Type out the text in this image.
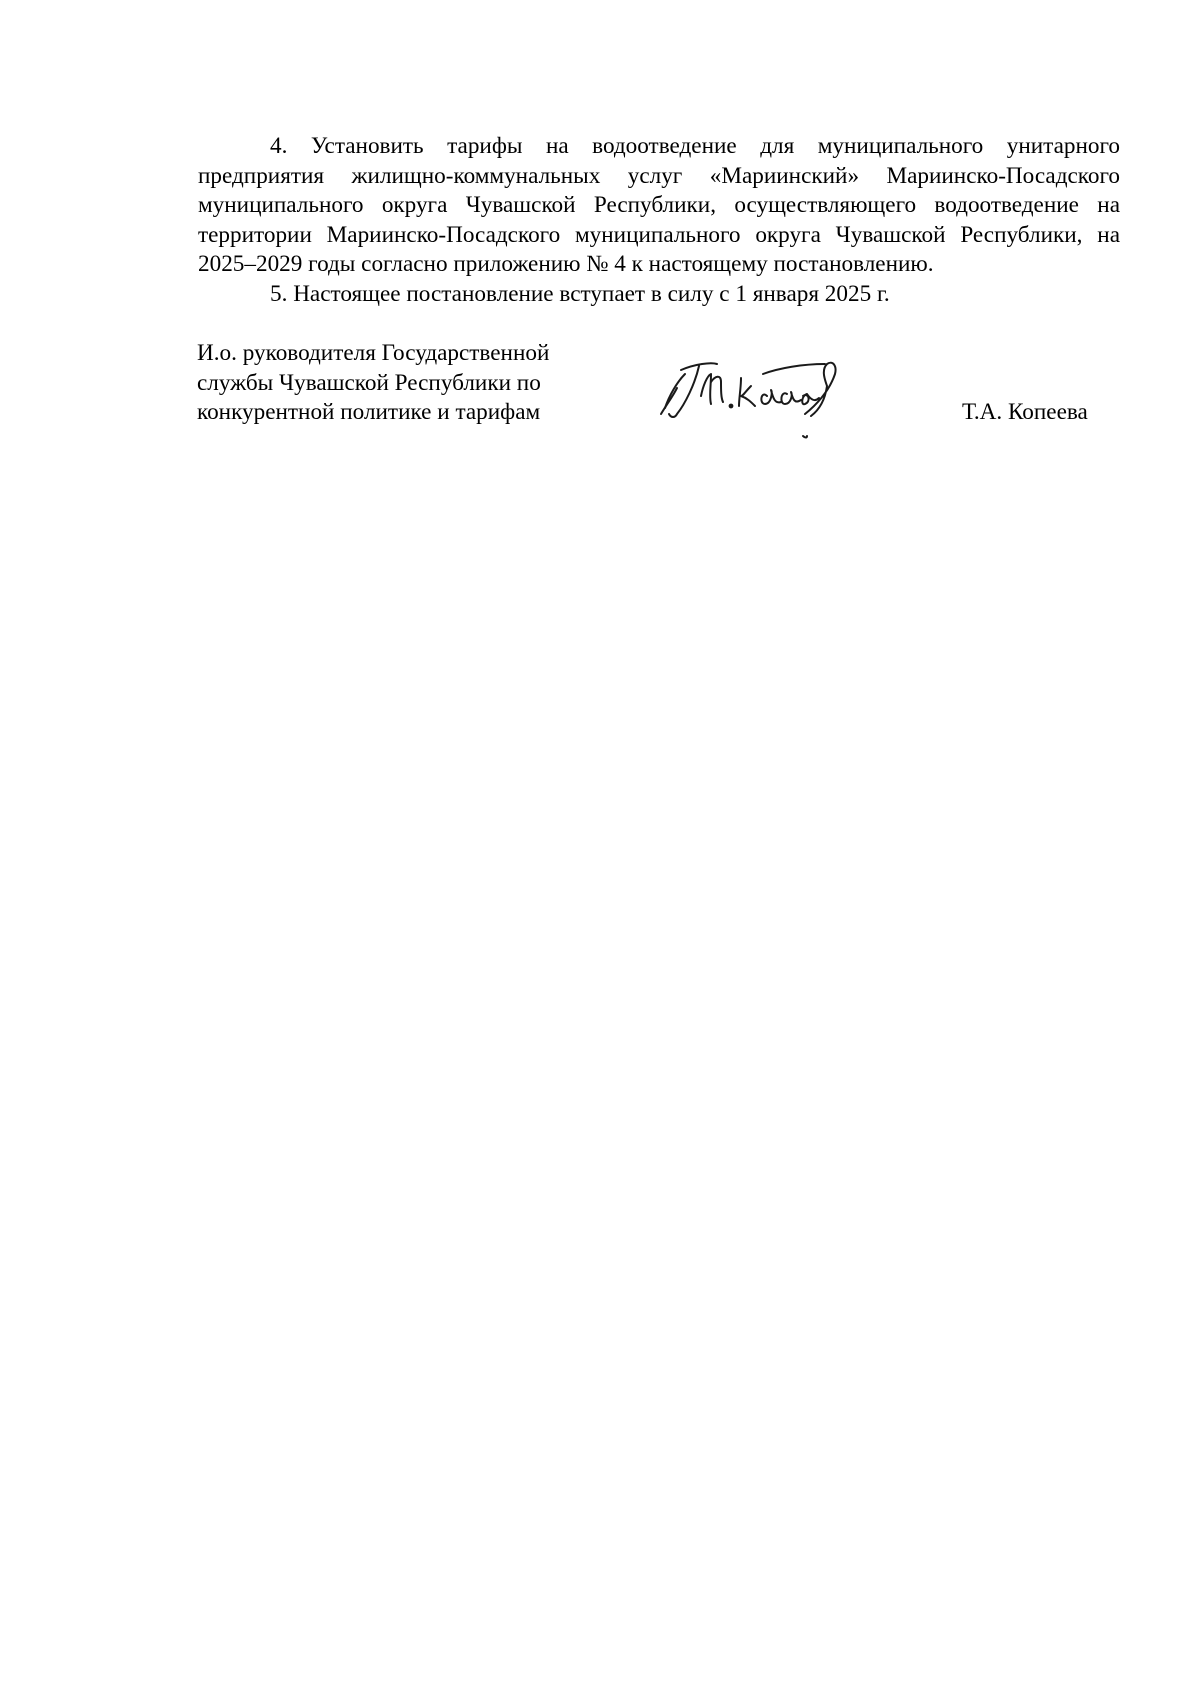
4. Установить тарифы на водоотведение для муниципального унитарного предприятия жилищно-коммунальных услуг «Мариинский» Мариинско-Посадского муниципального округа Чувашской Республики, осуществляющего водоотведение на территории Мариинско-Посадского муниципального округа Чувашской Республики, на 2025–2029 годы согласно приложению № 4 к настоящему постановлению.

5. Настоящее постановление вступает в силу с 1 января 2025 г.

И.о. руководителя Государственной
службы Чувашской Республики по
конкурентной политике и тарифам	Т.А. Копеева
